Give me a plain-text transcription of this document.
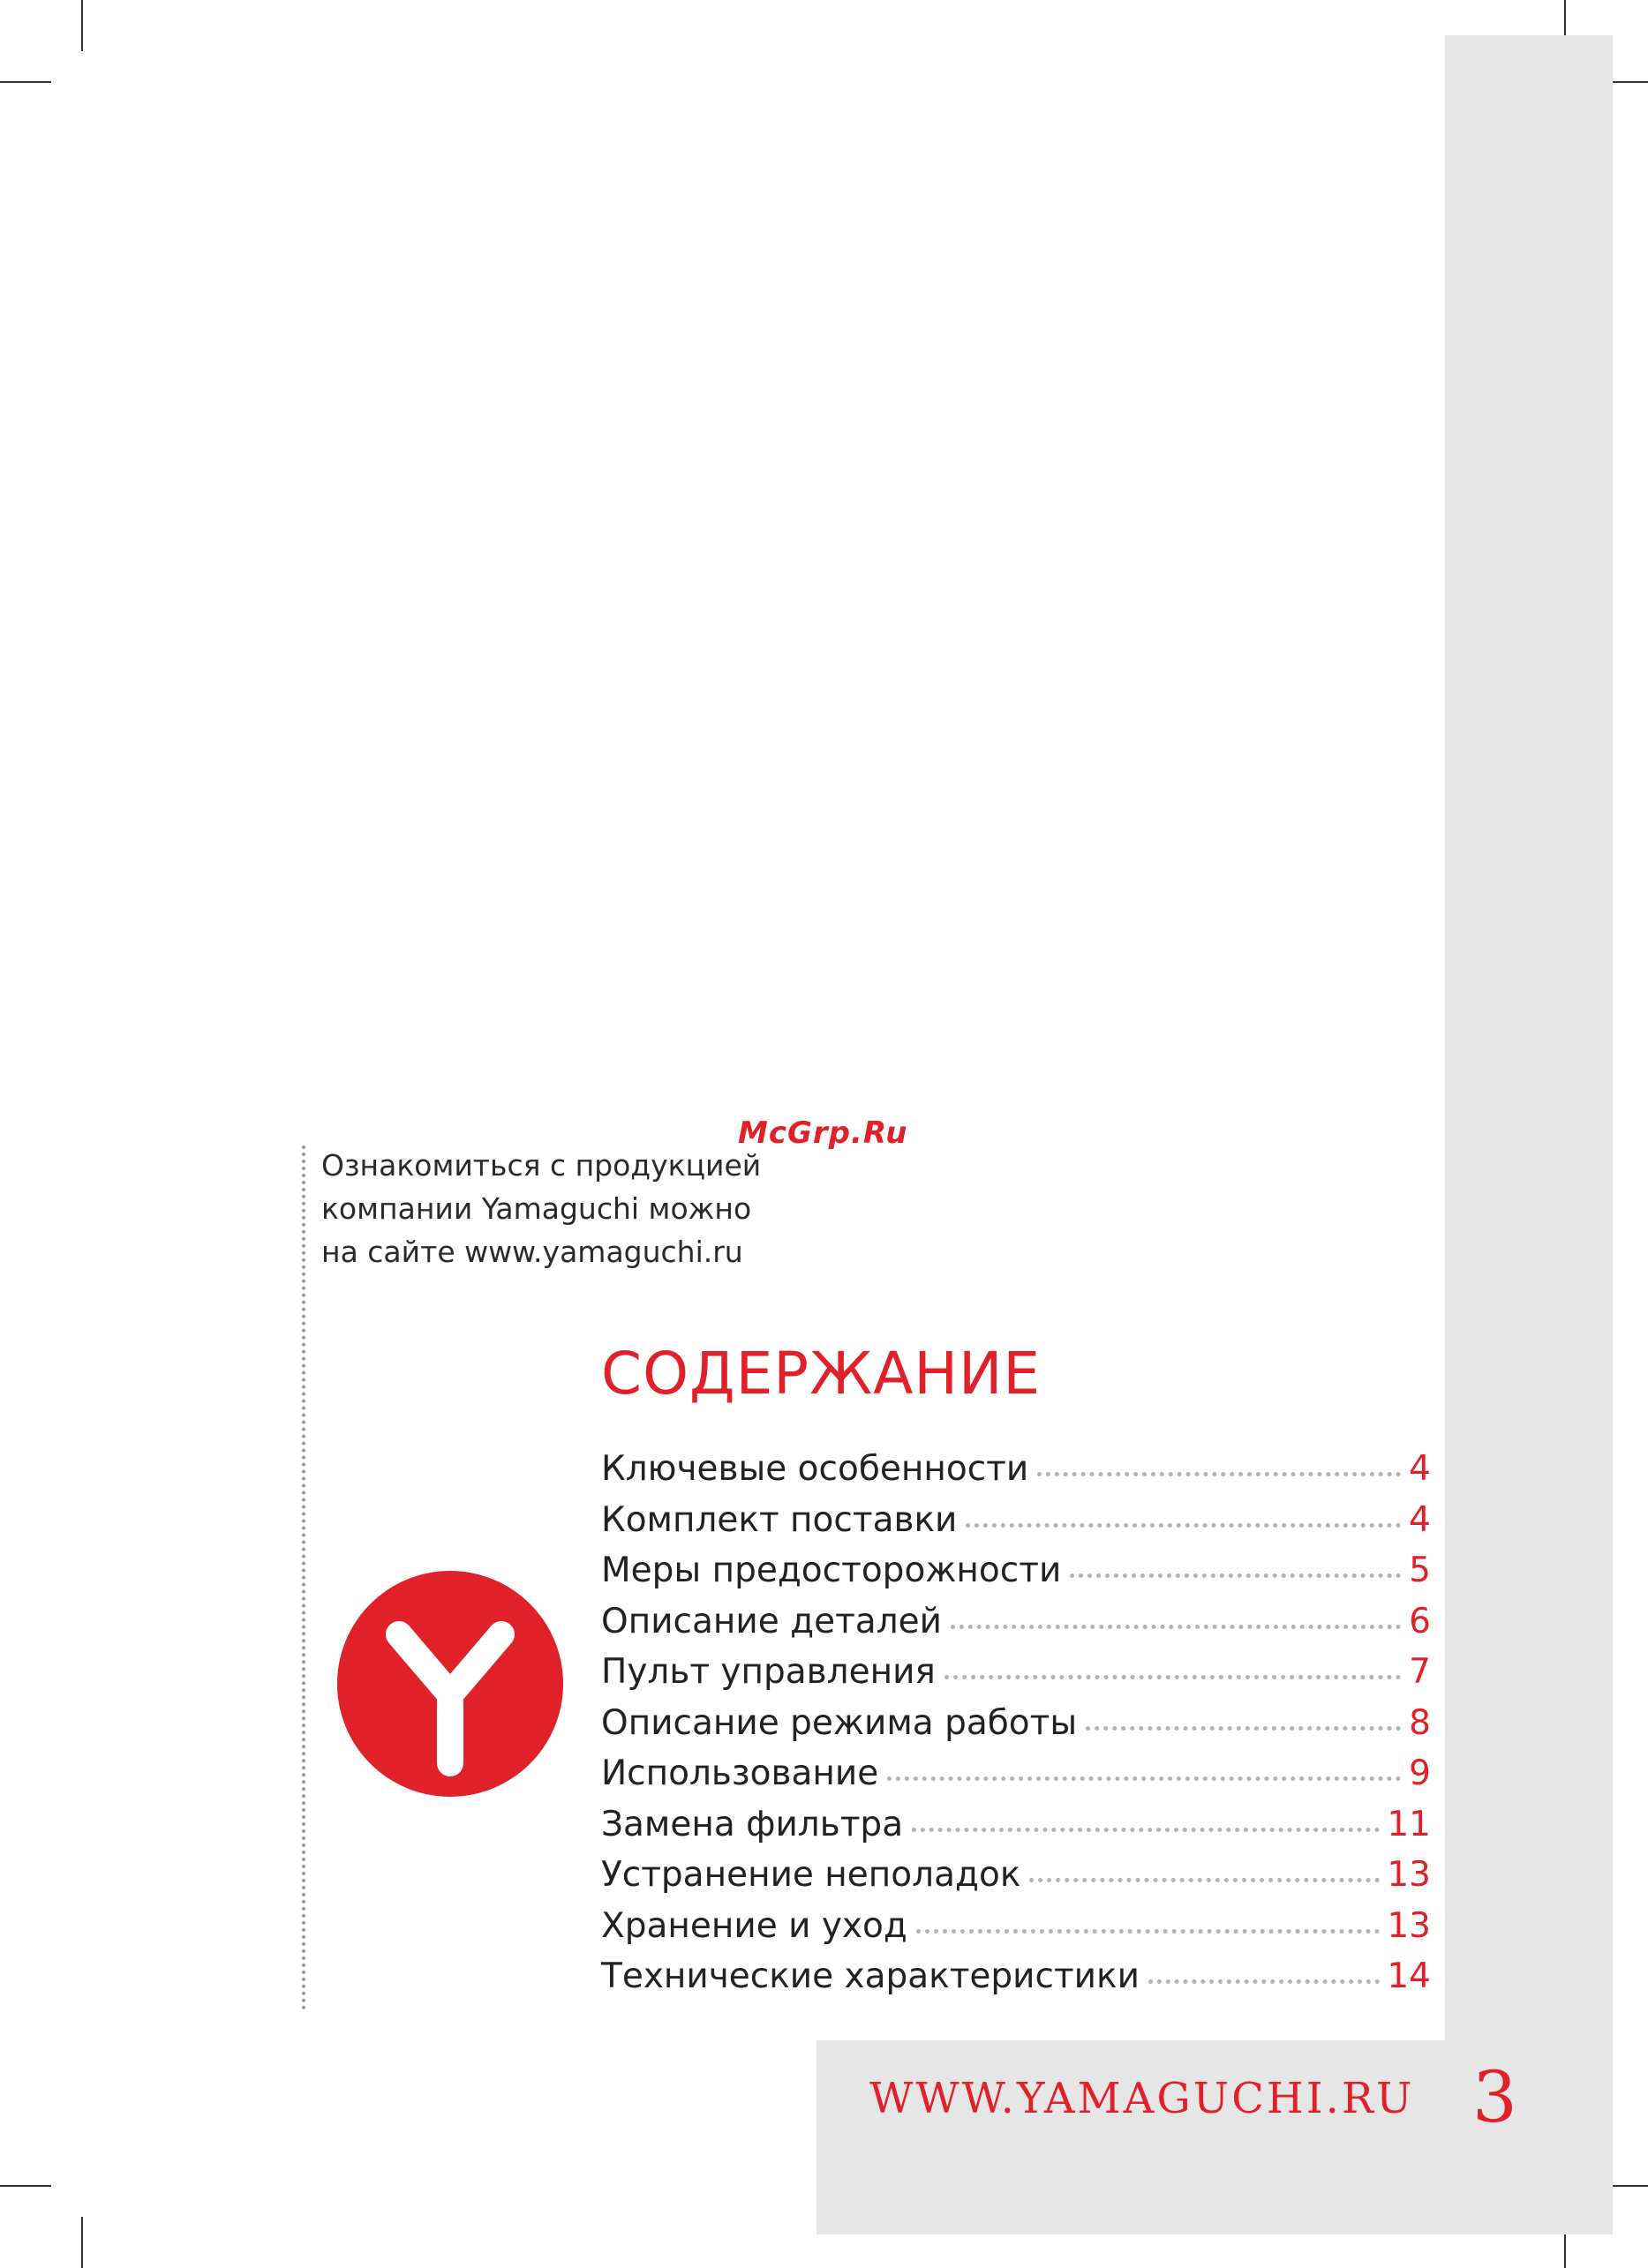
McGrp.Ru
Ознакомиться с продукцией
компании Yamaguchi можно
на сайте www.yamaguchi.ru
СОДЕРЖАНИЕ
Ключевые особенности	4
Комплект поставки	4
Меры предосторожности	5
Описание деталей	6
Пульт управления	7
Описание режима работы	8
Использование	9
Замена фильтра	11
Устранение неполадок	13
Хранение и уход	13
Технические характеристики	14
WWW.YAMAGUCHI.RU 3
